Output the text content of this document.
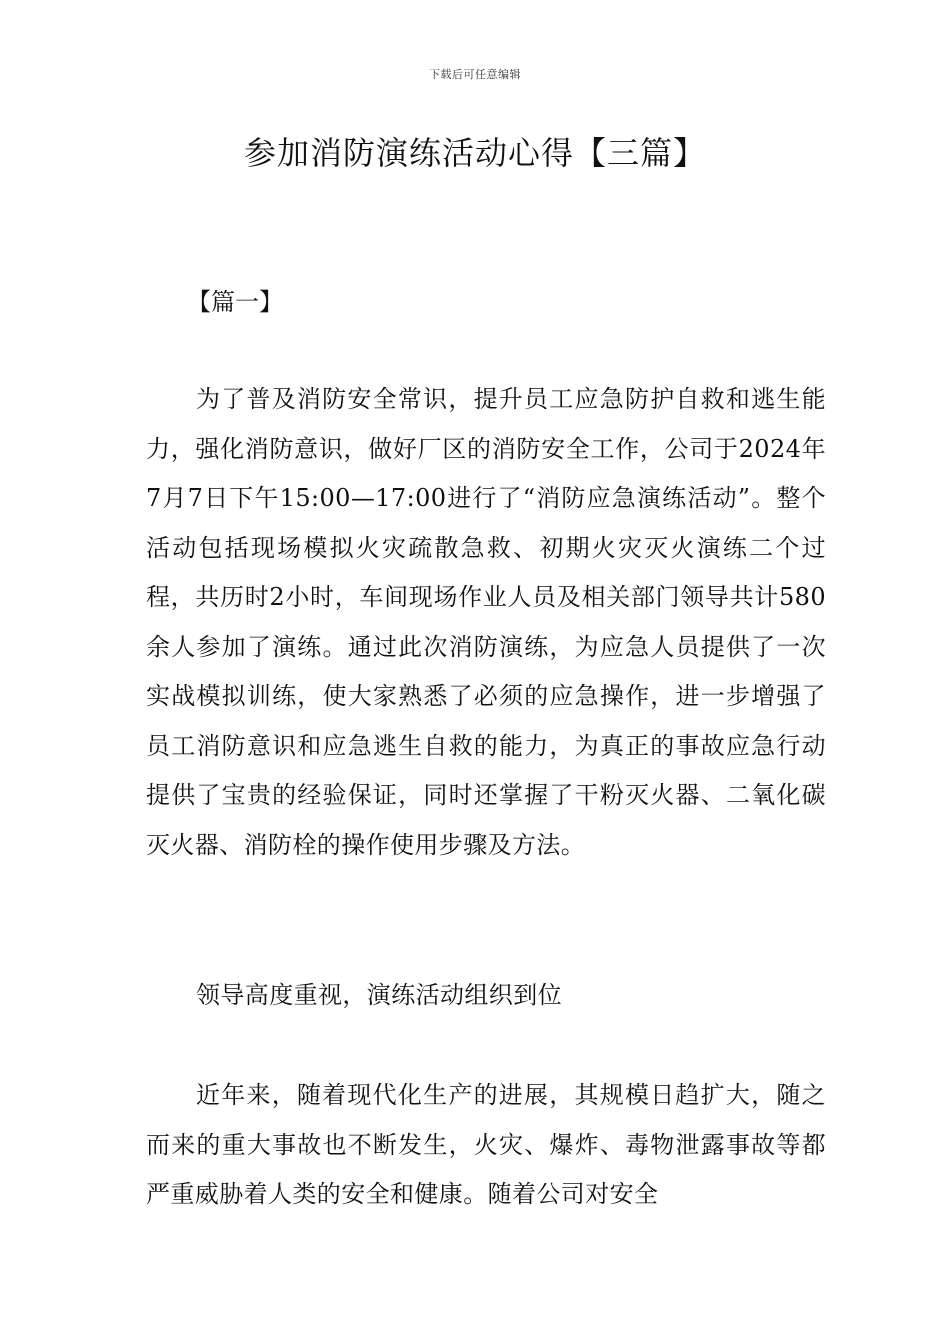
下载后可任意编辑
参加消防演练活动心得【三篇】

【篇一】

为了普及消防安全常识，提升员工应急防护自救和逃生能力，强化消防意识，做好厂区的消防安全工作，公司于2024年7月7日下午15:00—17:00进行了“消防应急演练活动”。整个活动包括现场模拟火灾疏散急救、初期火灾灭火演练二个过程，共历时2小时，车间现场作业人员及相关部门领导共计580余人参加了演练。通过此次消防演练，为应急人员提供了一次实战模拟训练，使大家熟悉了必须的应急操作，进一步增强了员工消防意识和应急逃生自救的能力，为真正的事故应急行动提供了宝贵的经验保证，同时还掌握了干粉灭火器、二氧化碳灭火器、消防栓的操作使用步骤及方法。

领导高度重视，演练活动组织到位

近年来，随着现代化生产的进展，其规模日趋扩大，随之而来的重大事故也不断发生，火灾、爆炸、毒物泄露事故等都严重威胁着人类的安全和健康。随着公司对安全
